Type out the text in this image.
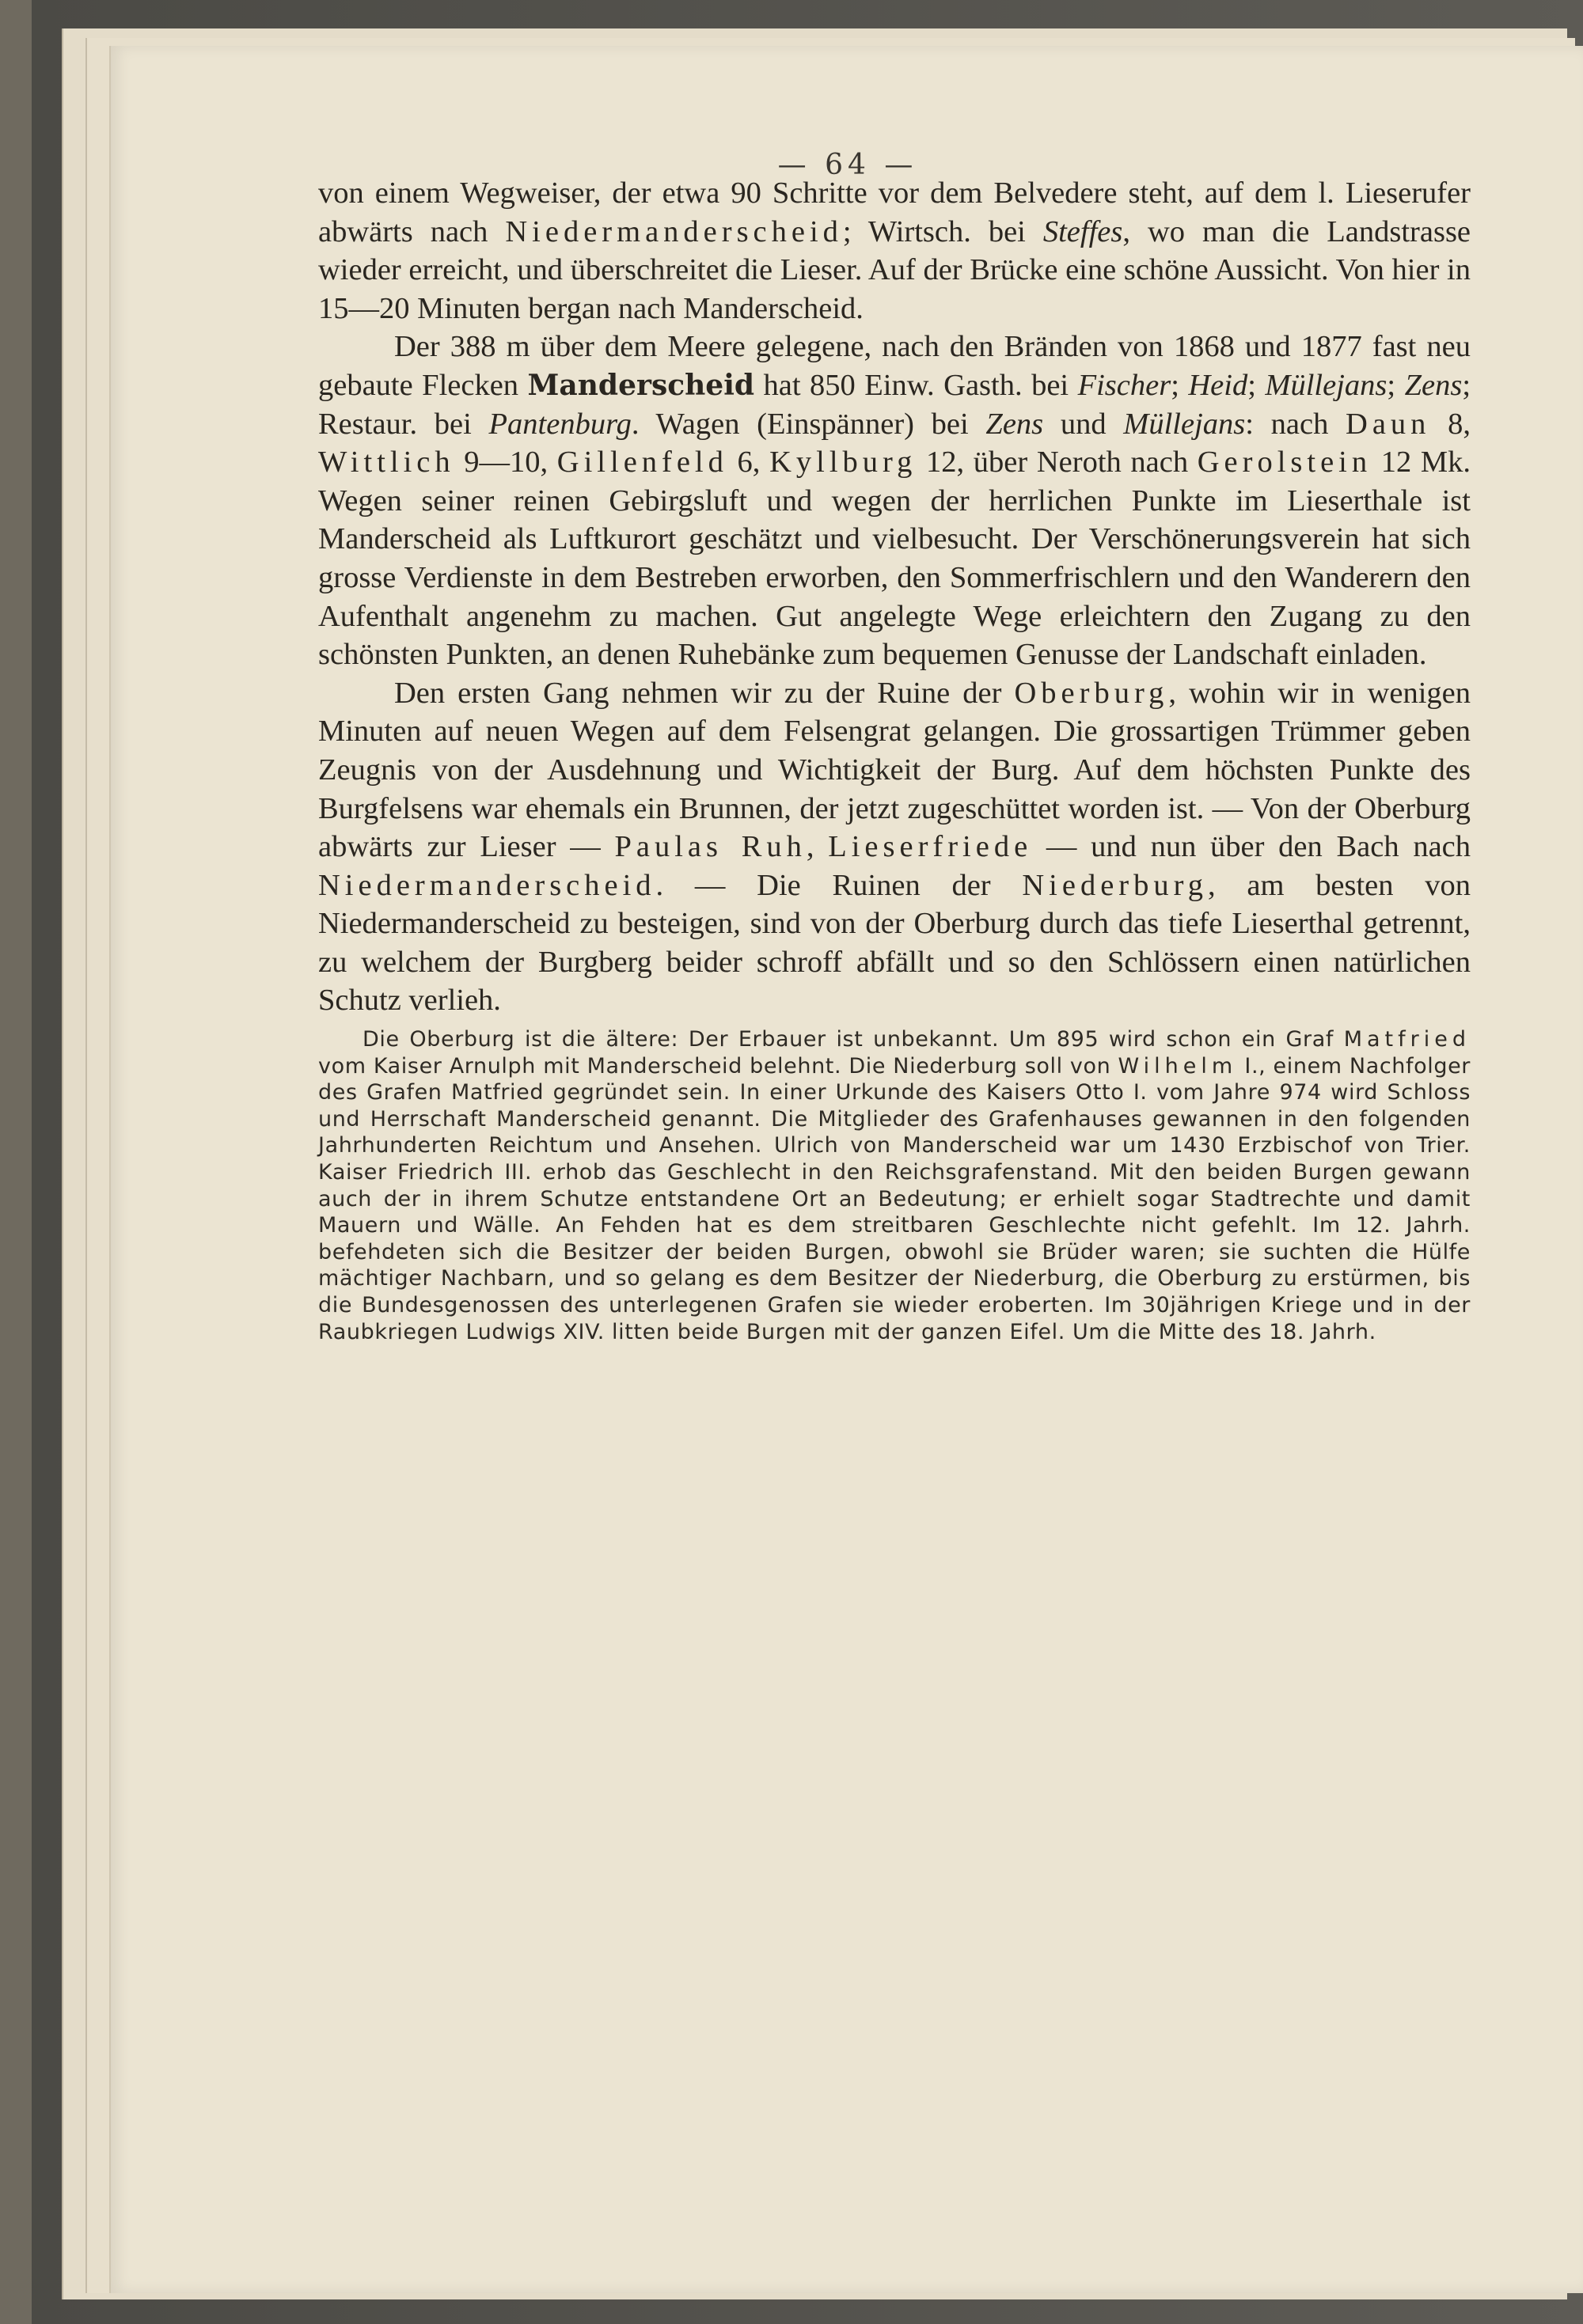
— 64 —

von einem Wegweiser, der etwa 90 Schritte vor dem Belvedere steht, auf dem l. Lieserufer abwärts nach Niedermanderscheid; Wirtsch. bei Steffes, wo man die Landstrasse wieder erreicht, und überschreitet die Lieser. Auf der Brücke eine schöne Aussicht. Von hier in 15—20 Minuten bergan nach Manderscheid.

Der 388 m über dem Meere gelegene, nach den Bränden von 1868 und 1877 fast neu gebaute Flecken Manderscheid hat 850 Einw. Gasth. bei Fischer; Heid; Müllejans; Zens; Restaur. bei Pantenburg. Wagen (Einspänner) bei Zens und Müllejans: nach Daun 8, Wittlich 9—10, Gillenfeld 6, Kyllburg 12, über Neroth nach Gerolstein 12 Mk. Wegen seiner reinen Gebirgsluft und wegen der herrlichen Punkte im Lieserthale ist Manderscheid als Luftkurort geschätzt und vielbesucht. Der Verschönerungsverein hat sich grosse Verdienste in dem Bestreben erworben, den Sommerfrischlern und den Wanderern den Aufenthalt angenehm zu machen. Gut angelegte Wege erleichtern den Zugang zu den schönsten Punkten, an denen Ruhebänke zum bequemen Genusse der Landschaft einladen.

Den ersten Gang nehmen wir zu der Ruine der Oberburg, wohin wir in wenigen Minuten auf neuen Wegen auf dem Felsengrat gelangen. Die grossartigen Trümmer geben Zeugnis von der Ausdehnung und Wichtigkeit der Burg. Auf dem höchsten Punkte des Burgfelsens war ehemals ein Brunnen, der jetzt zugeschüttet worden ist. — Von der Oberburg abwärts zur Lieser — Paulas Ruh, Lieserfriede — und nun über den Bach nach Niedermanderscheid. — Die Ruinen der Niederburg, am besten von Niedermanderscheid zu besteigen, sind von der Oberburg durch das tiefe Lieserthal getrennt, zu welchem der Burgberg beider schroff abfällt und so den Schlössern einen natürlichen Schutz verlieh.

Die Oberburg ist die ältere: Der Erbauer ist unbekannt. Um 895 wird schon ein Graf Matfried vom Kaiser Arnulph mit Manderscheid belehnt. Die Niederburg soll von Wilhelm I., einem Nachfolger des Grafen Matfried gegründet sein. In einer Urkunde des Kaisers Otto I. vom Jahre 974 wird Schloss und Herrschaft Manderscheid genannt. Die Mitglieder des Grafenhauses gewannen in den folgenden Jahrhunderten Reichtum und Ansehen. Ulrich von Manderscheid war um 1430 Erzbischof von Trier. Kaiser Friedrich III. erhob das Geschlecht in den Reichsgrafenstand. Mit den beiden Burgen gewann auch der in ihrem Schutze entstandene Ort an Bedeutung; er erhielt sogar Stadtrechte und damit Mauern und Wälle. An Fehden hat es dem streitbaren Geschlechte nicht gefehlt. Im 12. Jahrh. befehdeten sich die Besitzer der beiden Burgen, obwohl sie Brüder waren; sie suchten die Hülfe mächtiger Nachbarn, und so gelang es dem Besitzer der Niederburg, die Oberburg zu erstürmen, bis die Bundesgenossen des unterlegenen Grafen sie wieder eroberten. Im 30jährigen Kriege und in der Raubkriegen Ludwigs XIV. litten beide Burgen mit der ganzen Eifel. Um die Mitte des 18. Jahrh.
